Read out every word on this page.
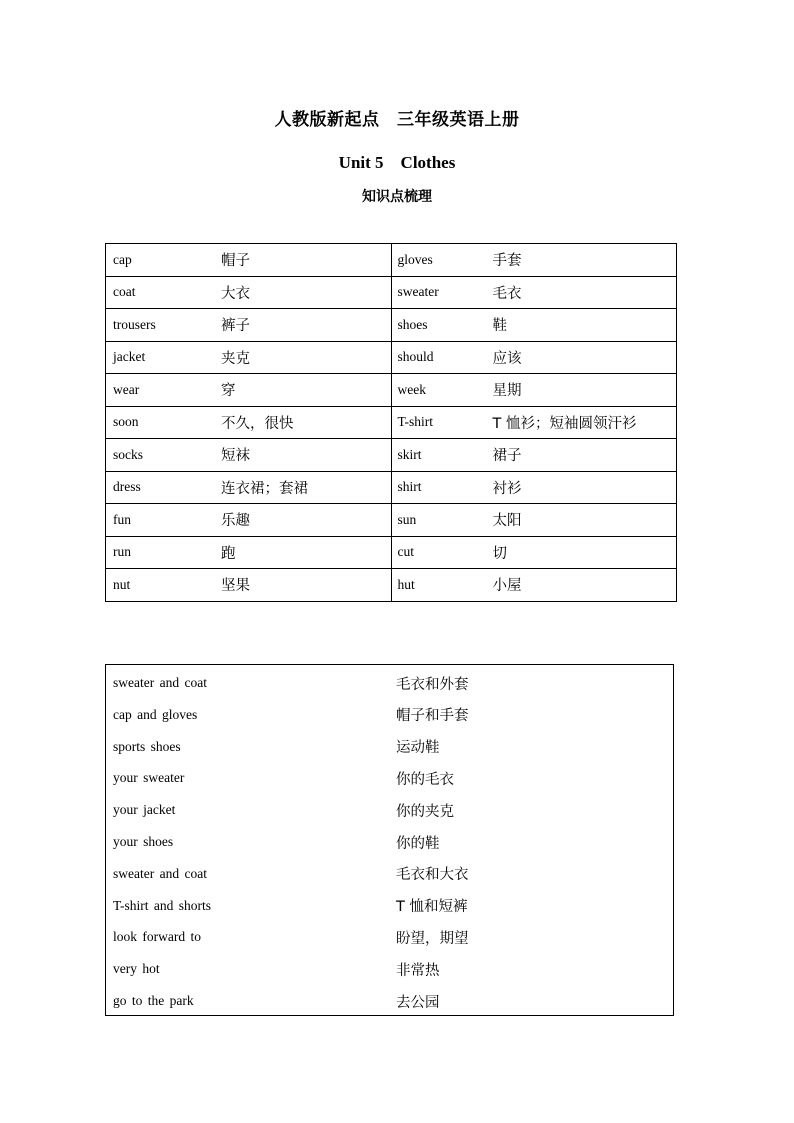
人教版新起点　三年级英语上册
Unit 5　Clothes
知识点梳理
cap 帽子	gloves 手套

coat 大衣	sweater 毛衣

trousers 裤子	shoes 鞋

jacket 夹克	should 应该

wear 穿	week 星期

soon 不久，很快	T-shirt T 恤衫；短袖圆领汗衫

socks 短袜	skirt 裙子

dress 连衣裙；套裙	shirt 衬衫

fun 乐趣	sun 太阳

run 跑	cut 切

nut 坚果	hut 小屋
sweater and coat	毛衣和外套
cap and gloves	帽子和手套
sports shoes	运动鞋
your sweater	你的毛衣
your jacket	你的夹克
your shoes	你的鞋
sweater and coat	毛衣和大衣
T-shirt and shorts	T 恤和短裤
look forward to	盼望，期望
very hot	非常热
go to the park	去公园
